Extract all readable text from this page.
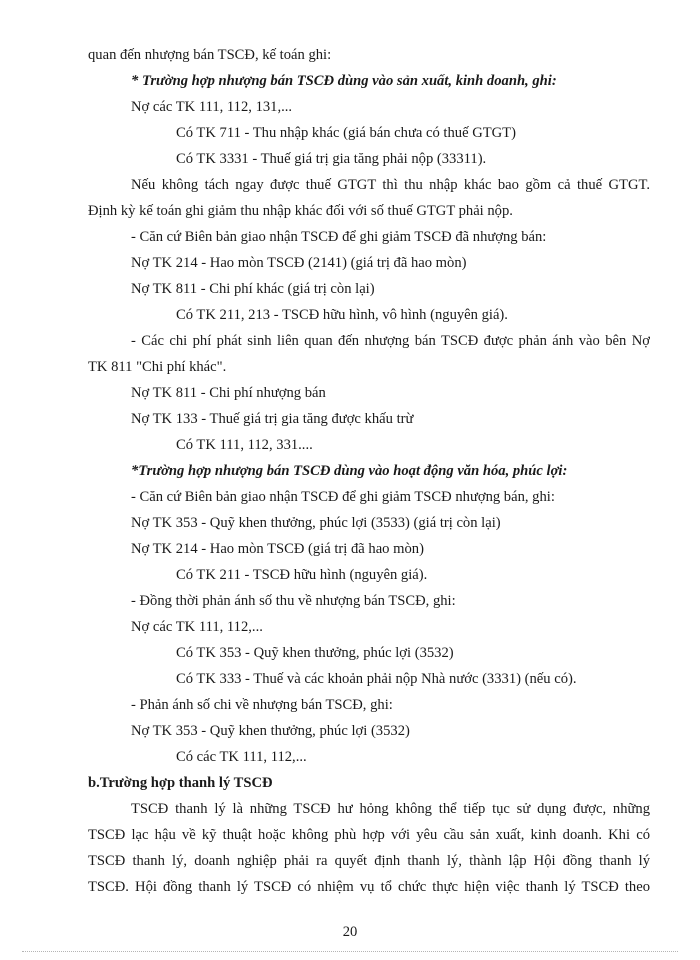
quan đến nhượng bán TSCĐ, kế toán ghi:
* Trường hợp nhượng bán TSCĐ dùng vào sản xuất, kinh doanh, ghi:
Nợ các TK 111, 112, 131,...
Có TK 711 - Thu nhập khác (giá bán chưa có thuế GTGT)
Có TK 3331 - Thuế giá trị gia tăng phải nộp (33311).
Nếu không tách ngay được thuế GTGT thì thu nhập khác bao gồm cả thuế GTGT.
Định kỳ kế toán ghi giảm thu nhập khác đối với số thuế GTGT phải nộp.
- Căn cứ Biên bản giao nhận TSCĐ để ghi giảm TSCĐ đã nhượng bán:
Nợ TK 214 - Hao mòn TSCĐ (2141) (giá trị đã hao mòn)
Nợ TK 811 - Chi phí khác (giá trị còn lại)
Có TK 211, 213 - TSCĐ hữu hình, vô hình (nguyên giá).
- Các chi phí phát sinh liên quan đến nhượng bán TSCĐ được phản ánh vào bên Nợ
TK 811 "Chi phí khác".
Nợ TK 811 - Chi phí nhượng bán
Nợ TK 133 - Thuế giá trị gia tăng được khấu trừ
Có TK 111, 112, 331....
*Trường hợp nhượng bán TSCĐ dùng vào hoạt động văn hóa, phúc lợi:
- Căn cứ Biên bản giao nhận TSCĐ để ghi giảm TSCĐ nhượng bán, ghi:
Nợ TK 353 - Quỹ khen thưởng, phúc lợi (3533) (giá trị còn lại)
Nợ TK 214 - Hao mòn TSCĐ (giá trị đã hao mòn)
Có TK 211 - TSCĐ hữu hình (nguyên giá).
- Đồng thời phản ánh số thu về nhượng bán TSCĐ, ghi:
Nợ các TK 111, 112,...
Có TK 353 - Quỹ khen thưởng, phúc lợi (3532)
Có TK 333 - Thuế và các khoản phải nộp Nhà nước (3331) (nếu có).
- Phản ánh số chi về nhượng bán TSCĐ, ghi:
Nợ TK 353 - Quỹ khen thưởng, phúc lợi (3532)
Có các TK 111, 112,...
b.Trường hợp thanh lý TSCĐ
TSCĐ thanh lý là những TSCĐ hư hỏng không thể tiếp tục sử dụng được, những
TSCĐ lạc hậu về kỹ thuật hoặc không phù hợp với yêu cầu sản xuất, kinh doanh. Khi có
TSCĐ thanh lý, doanh nghiệp phải ra quyết định thanh lý, thành lập Hội đồng thanh lý
TSCĐ. Hội đồng thanh lý TSCĐ có nhiệm vụ tổ chức thực hiện việc thanh lý TSCĐ theo
20
